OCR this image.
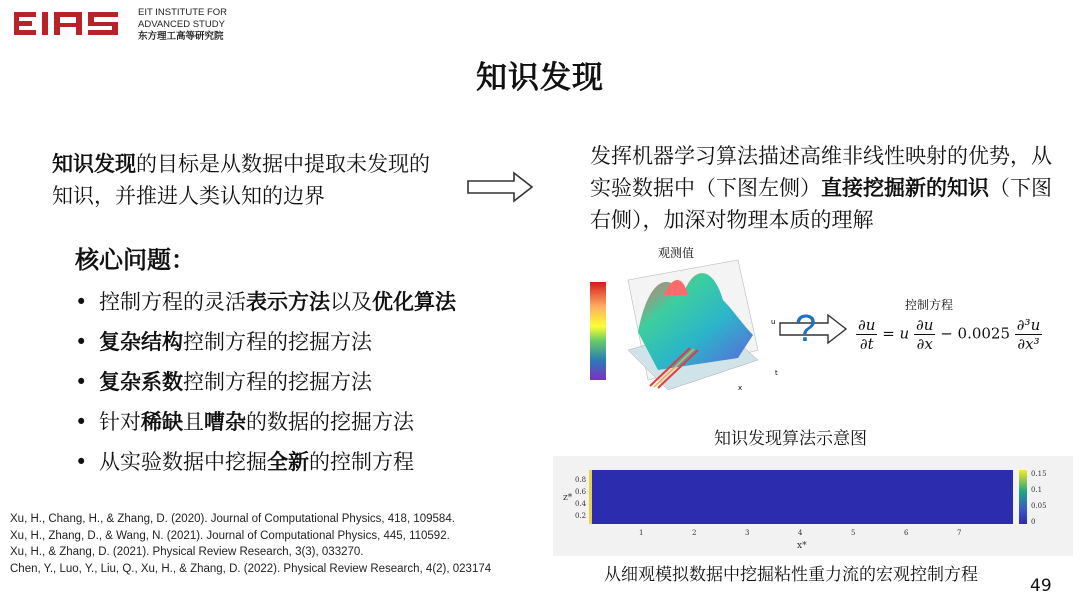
EIT INSTITUTE FOR
ADVANCED STUDY
东方理工高等研究院
知识发现
知识发现的目标是从数据中提取未发现的知识，并推进人类认知的边界
发挥机器学习算法描述高维非线性映射的优势，从实验数据中（下图左侧）直接挖掘新的知识（下图右侧），加深对物理本质的理解
核心问题：
• 控制方程的灵活表示方法以及优化算法
• 复杂结构控制方程的挖掘方法
• 复杂系数控制方程的挖掘方法
• 针对稀缺且嘈杂的数据的挖掘方法
• 从实验数据中挖掘全新的控制方程
Xu, H., Chang, H., & Zhang, D. (2020). Journal of Computational Physics, 418, 109584.
Xu, H., Zhang, D., & Wang, N. (2021). Journal of Computational Physics, 445, 110592.
Xu, H., & Zhang, D. (2021). Physical Review Research, 3(3), 033270.
Chen, Y., Luo, Y., Liu, Q., Xu, H., & Zhang, D. (2022). Physical Review Research, 4(2), 023174
观测值
x
t
u ?
控制方程
$\frac{\partial u}{\partial t} = u \frac{\partial u}{\partial x} - 0.0025 \frac{\text{∂³u}}{\text{∂x³}}$
知识发现算法示意图
1	2	3	4	5	6	7
0.8
0.6
0.4
0.2
x*
z*
0.15
0.1
0.05
0
从细观模拟数据中挖掘粘性重力流的宏观控制方程
49
